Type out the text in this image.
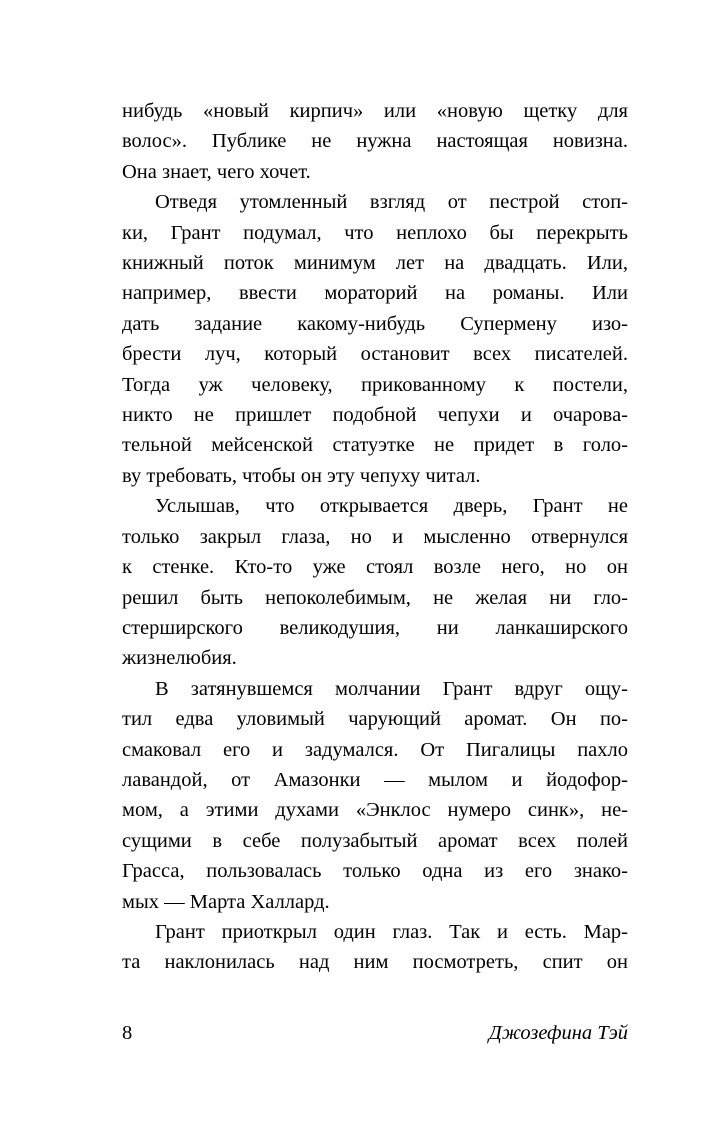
нибудь «новый кирпич» или «новую щетку для
волос». Публике не нужна настоящая новизна.
Она знает, чего хочет.

Отведя утомленный взгляд от пестрой стоп-
ки, Грант подумал, что неплохо бы перекрыть
книжный поток минимум лет на двадцать. Или,
например, ввести мораторий на романы. Или
дать задание какому-нибудь Супермену изо-
брести луч, который остановит всех писателей.
Тогда уж человеку, прикованному к постели,
никто не пришлет подобной чепухи и очарова-
тельной мейсенской статуэтке не придет в голо-
ву требовать, чтобы он эту чепуху читал.

Услышав, что открывается дверь, Грант не
только закрыл глаза, но и мысленно отвернулся
к стенке. Кто-то уже стоял возле него, но он
решил быть непоколебимым, не желая ни гло-
стерширского великодушия, ни ланкаширского
жизнелюбия.

В затянувшемся молчании Грант вдруг ощу-
тил едва уловимый чарующий аромат. Он по-
смаковал его и задумался. От Пигалицы пахло
лавандой, от Амазонки — мылом и йодофор-
мом, а этими духами «Энклос нумеро синк», не-
сущими в себе полузабытый аромат всех полей
Грасса, пользовалась только одна из его знако-
мых — Марта Халлард.

Грант приоткрыл один глаз. Так и есть. Мар-
та наклонилась над ним посмотреть, спит он

8	Джозефина Тэй
